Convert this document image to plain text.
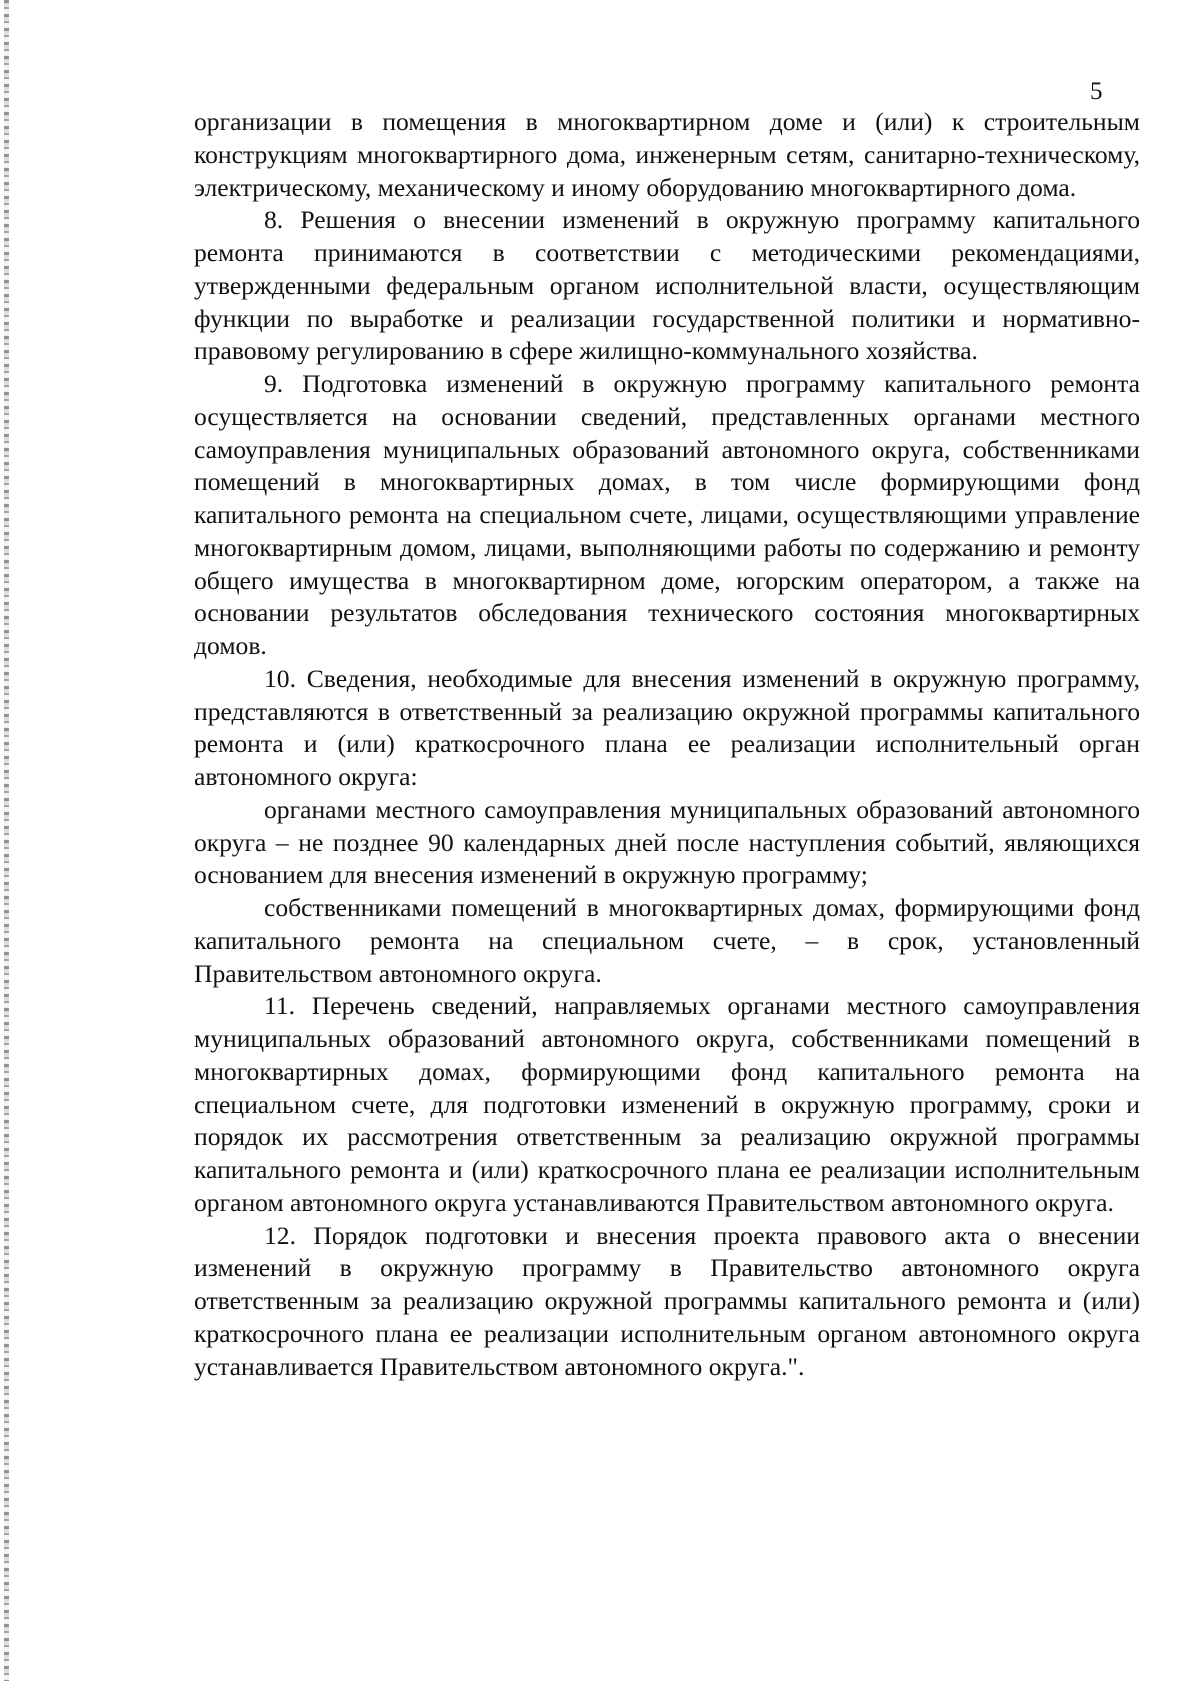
5

организации в помещения в многоквартирном доме и (или) к строительным конструкциям многоквартирного дома, инженерным сетям, санитарно-техническому, электрическому, механическому и иному оборудованию многоквартирного дома.

8. Решения о внесении изменений в окружную программу капитального ремонта принимаются в соответствии с методическими рекомендациями, утвержденными федеральным органом исполнительной власти, осуществляющим функции по выработке и реализации государственной политики и нормативно-правовому регулированию в сфере жилищно-коммунального хозяйства.

9. Подготовка изменений в окружную программу капитального ремонта осуществляется на основании сведений, представленных органами местного самоуправления муниципальных образований автономного округа, собственниками помещений в многоквартирных домах, в том числе формирующими фонд капитального ремонта на специальном счете, лицами, осуществляющими управление многоквартирным домом, лицами, выполняющими работы по содержанию и ремонту общего имущества в многоквартирном доме, югорским оператором, а также на основании результатов обследования технического состояния многоквартирных домов.

10. Сведения, необходимые для внесения изменений в окружную программу, представляются в ответственный за реализацию окружной программы капитального ремонта и (или) краткосрочного плана ее реализации исполнительный орган автономного округа:

органами местного самоуправления муниципальных образований автономного округа – не позднее 90 календарных дней после наступления событий, являющихся основанием для внесения изменений в окружную программу;

собственниками помещений в многоквартирных домах, формирующими фонд капитального ремонта на специальном счете, – в срок, установленный Правительством автономного округа.

11. Перечень сведений, направляемых органами местного самоуправления муниципальных образований автономного округа, собственниками помещений в многоквартирных домах, формирующими фонд капитального ремонта на специальном счете, для подготовки изменений в окружную программу, сроки и порядок их рассмотрения ответственным за реализацию окружной программы капитального ремонта и (или) краткосрочного плана ее реализации исполнительным органом автономного округа устанавливаются Правительством автономного округа.

12. Порядок подготовки и внесения проекта правового акта о внесении изменений в окружную программу в Правительство автономного округа ответственным за реализацию окружной программы капитального ремонта и (или) краткосрочного плана ее реализации исполнительным органом автономного округа устанавливается Правительством автономного округа.".
